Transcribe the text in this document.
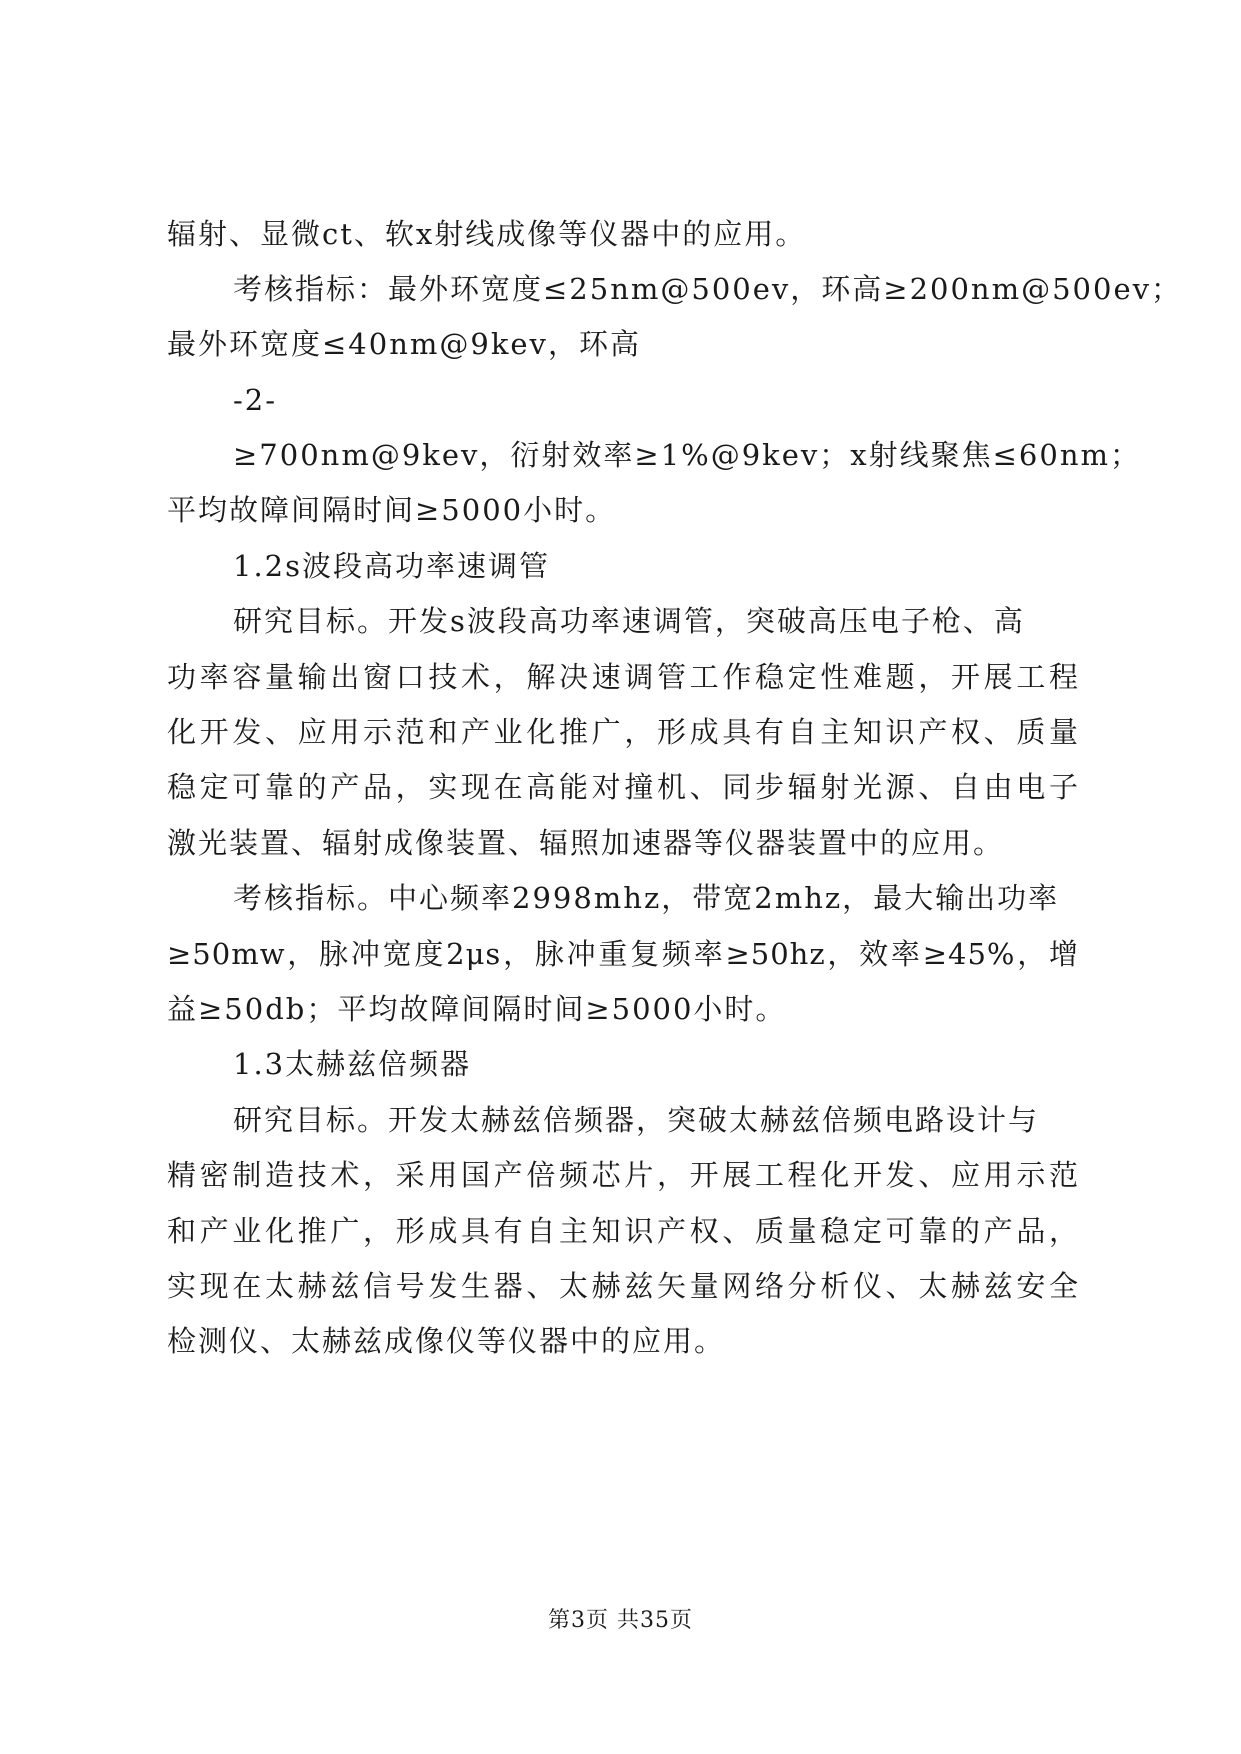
辐射、显微ct、软x射线成像等仪器中的应用。
考核指标：最外环宽度≤25nm@500ev，环高≥200nm@500ev；
最外环宽度≤40nm@9kev，环高
-2-
≥700nm@9kev，衍射效率≥1%@9kev；x射线聚焦≤60nm；
平均故障间隔时间≥5000小时。
1.2s波段高功率速调管
研究目标。开发s波段高功率速调管，突破高压电子枪、高
功率容量输出窗口技术，解决速调管工作稳定性难题，开展工程
化开发、应用示范和产业化推广，形成具有自主知识产权、质量
稳定可靠的产品，实现在高能对撞机、同步辐射光源、自由电子
激光装置、辐射成像装置、辐照加速器等仪器装置中的应用。
考核指标。中心频率2998mhz，带宽2mhz，最大输出功率
≥50mw，脉冲宽度2μs，脉冲重复频率≥50hz，效率≥45%，增
益≥50db；平均故障间隔时间≥5000小时。
1.3太赫兹倍频器
研究目标。开发太赫兹倍频器，突破太赫兹倍频电路设计与
精密制造技术，采用国产倍频芯片，开展工程化开发、应用示范
和产业化推广，形成具有自主知识产权、质量稳定可靠的产品，
实现在太赫兹信号发生器、太赫兹矢量网络分析仪、太赫兹安全
检测仪、太赫兹成像仪等仪器中的应用。
第3页 共35页
